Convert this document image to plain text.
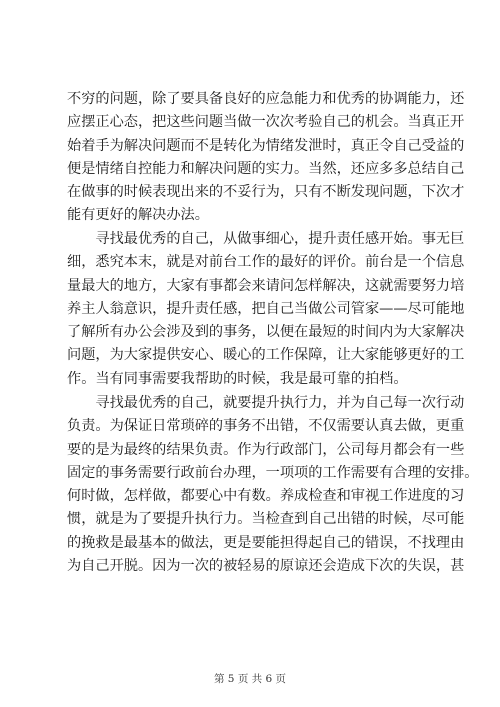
不穷的问题，除了要具备良好的应急能力和优秀的协调能力，还
应摆正心态，把这些问题当做一次次考验自己的机会。当真正开
始着手为解决问题而不是转化为情绪发泄时，真正令自己受益的
便是情绪自控能力和解决问题的实力。当然，还应多多总结自己
在做事的时候表现出来的不妥行为，只有不断发现问题，下次才
能有更好的解决办法。
　　寻找最优秀的自己，从做事细心，提升责任感开始。事无巨
细，悉究本末，就是对前台工作的最好的评价。前台是一个信息
量最大的地方，大家有事都会来请问怎样解决，这就需要努力培
养主人翁意识，提升责任感，把自己当做公司管家——尽可能地
了解所有办公会涉及到的事务，以便在最短的时间内为大家解决
问题，为大家提供安心、暖心的工作保障，让大家能够更好的工
作。当有同事需要我帮助的时候，我是最可靠的拍档。
　　寻找最优秀的自己，就要提升执行力，并为自己每一次行动
负责。为保证日常琐碎的事务不出错，不仅需要认真去做，更重
要的是为最终的结果负责。作为行政部门，公司每月都会有一些
固定的事务需要行政前台办理，一项项的工作需要有合理的安排。
何时做，怎样做，都要心中有数。养成检查和审视工作进度的习
惯，就是为了要提升执行力。当检查到自己出错的时候，尽可能
的挽救是最基本的做法，更是要能担得起自己的错误，不找理由
为自己开脱。因为一次的被轻易的原谅还会造成下次的失误，甚
第 5 页 共 6 页
